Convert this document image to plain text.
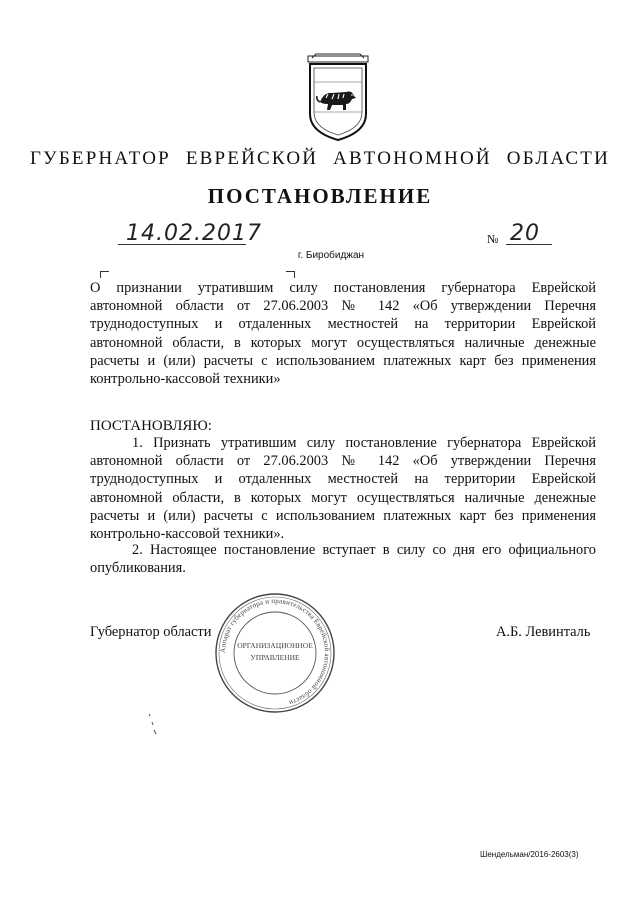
ГУБЕРНАТОР ЕВРЕЙСКОЙ АВТОНОМНОЙ ОБЛАСТИ
ПОСТАНОВЛЕНИЕ
14.02.2017	№ 20
г. Биробиджан
О признании утратившим силу постановления губернатора Еврейской автономной области от 27.06.2003 № 142 «Об утверждении Перечня труднодоступных и отдаленных местностей на территории Еврейской автономной области, в которых могут осуществляться наличные денежные расчеты и (или) расчеты с использованием платежных карт без применения контрольно-кассовой техники»
ПОСТАНОВЛЯЮ:
1. Признать утратившим силу постановление губернатора Еврейской автономной области от 27.06.2003 № 142 «Об утверждении Перечня труднодоступных и отдаленных местностей на территории Еврейской автономной области, в которых могут осуществляться наличные денежные расчеты и (или) расчеты с использованием платежных карт без применения контрольно-кассовой техники».
2. Настоящее постановление вступает в силу со дня его официального опубликования.
Аппарат губернатора и правительства Еврейской автономной области
ОРГАНИЗАЦИОННОЕ
УПРАВЛЕНИЕ
Губернатор области	А.Б. Левинталь
Шендельман/2016-2603(3)
